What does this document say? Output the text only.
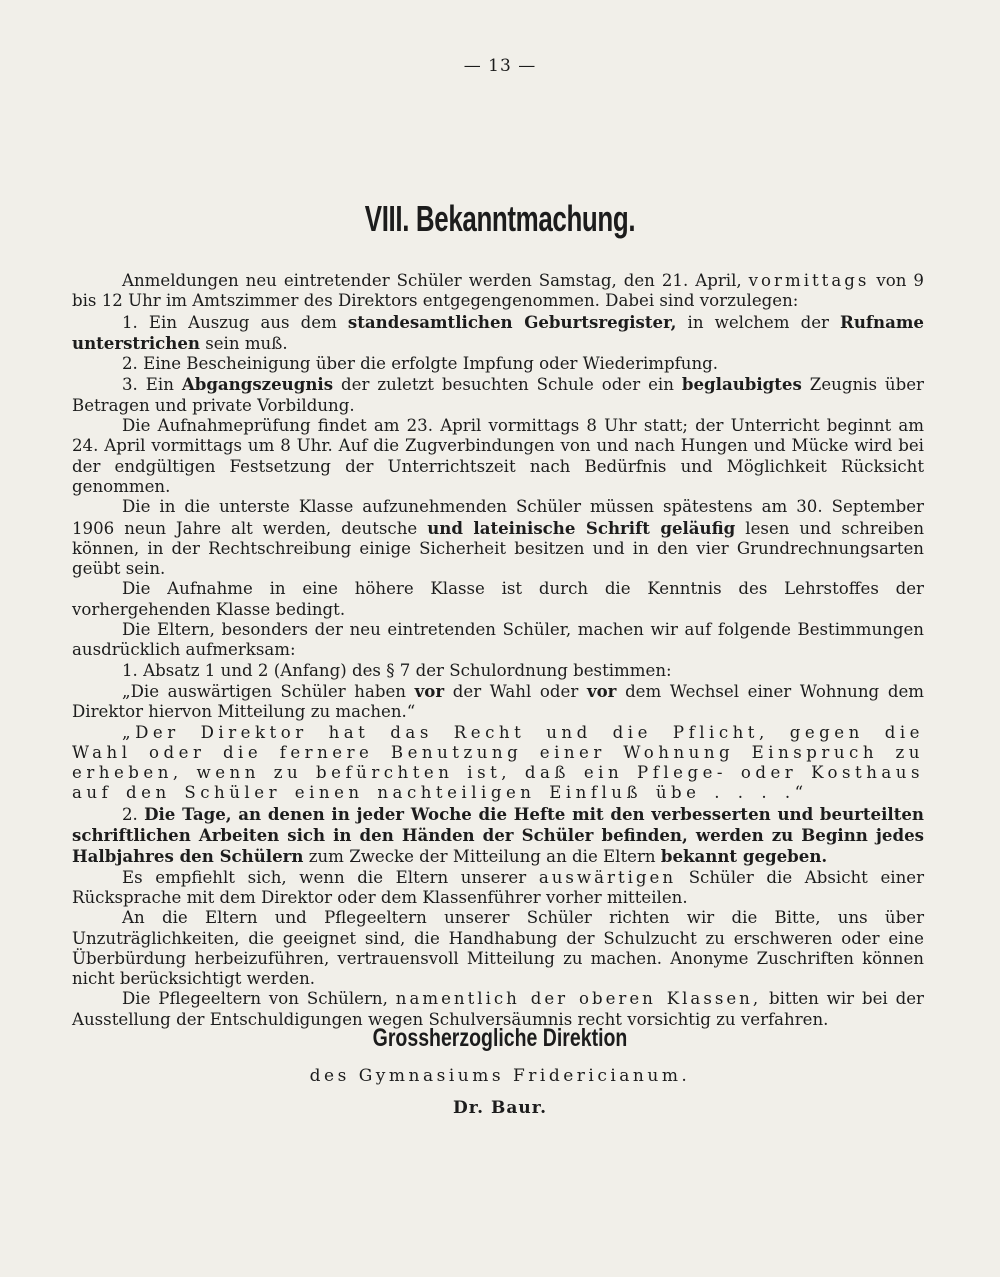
— 13 —
VIII. Bekanntmachung.

Anmeldungen neu eintretender Schüler werden Samstag, den 21. April, vormittags von 9 bis 12 Uhr im Amtszimmer des Direktors entgegengenommen. Dabei sind vorzulegen:

1. Ein Auszug aus dem standesamtlichen Geburtsregister, in welchem der Rufname unterstrichen sein muß.

2. Eine Bescheinigung über die erfolgte Impfung oder Wiederimpfung.

3. Ein Abgangszeugnis der zuletzt besuchten Schule oder ein beglaubigtes Zeugnis über Betragen und private Vorbildung.

Die Aufnahmeprüfung findet am 23. April vormittags 8 Uhr statt; der Unterricht beginnt am 24. April vormittags um 8 Uhr. Auf die Zugverbindungen von und nach Hungen und Mücke wird bei der endgültigen Festsetzung der Unterrichtszeit nach Bedürfnis und Möglichkeit Rücksicht genommen.

Die in die unterste Klasse aufzunehmenden Schüler müssen spätestens am 30. September 1906 neun Jahre alt werden, deutsche und lateinische Schrift geläufig lesen und schreiben können, in der Rechtschreibung einige Sicherheit besitzen und in den vier Grundrechnungsarten geübt sein.

Die Aufnahme in eine höhere Klasse ist durch die Kenntnis des Lehrstoffes der vorhergehenden Klasse bedingt.

Die Eltern, besonders der neu eintretenden Schüler, machen wir auf folgende Bestimmungen ausdrücklich aufmerksam:

1. Absatz 1 und 2 (Anfang) des § 7 der Schulordnung bestimmen:

„Die auswärtigen Schüler haben vor der Wahl oder vor dem Wechsel einer Wohnung dem Direktor hiervon Mitteilung zu machen.“

„Der Direktor hat das Recht und die Pflicht, gegen die Wahl oder die fernere Benutzung einer Wohnung Einspruch zu erheben, wenn zu befürchten ist, daß ein Pflege- oder Kosthaus auf den Schüler einen nachteiligen Einfluß übe . . . .“

2. Die Tage, an denen in jeder Woche die Hefte mit den verbesserten und beurteilten schriftlichen Arbeiten sich in den Händen der Schüler befinden, werden zu Beginn jedes Halbjahres den Schülern zum Zwecke der Mitteilung an die Eltern bekannt gegeben.

Es empfiehlt sich, wenn die Eltern unserer auswärtigen Schüler die Absicht einer Rücksprache mit dem Direktor oder dem Klassenführer vorher mitteilen.

An die Eltern und Pflegeeltern unserer Schüler richten wir die Bitte, uns über Unzuträglichkeiten, die geeignet sind, die Handhabung der Schulzucht zu erschweren oder eine Überbürdung herbeizuführen, vertrauensvoll Mitteilung zu machen. Anonyme Zuschriften können nicht berücksichtigt werden.

Die Pflegeeltern von Schülern, namentlich der oberen Klassen, bitten wir bei der Ausstellung der Entschuldigungen wegen Schulversäumnis recht vorsichtig zu verfahren.

Grossherzogliche Direktion
des Gymnasiums Fridericianum.
Dr. Baur.
